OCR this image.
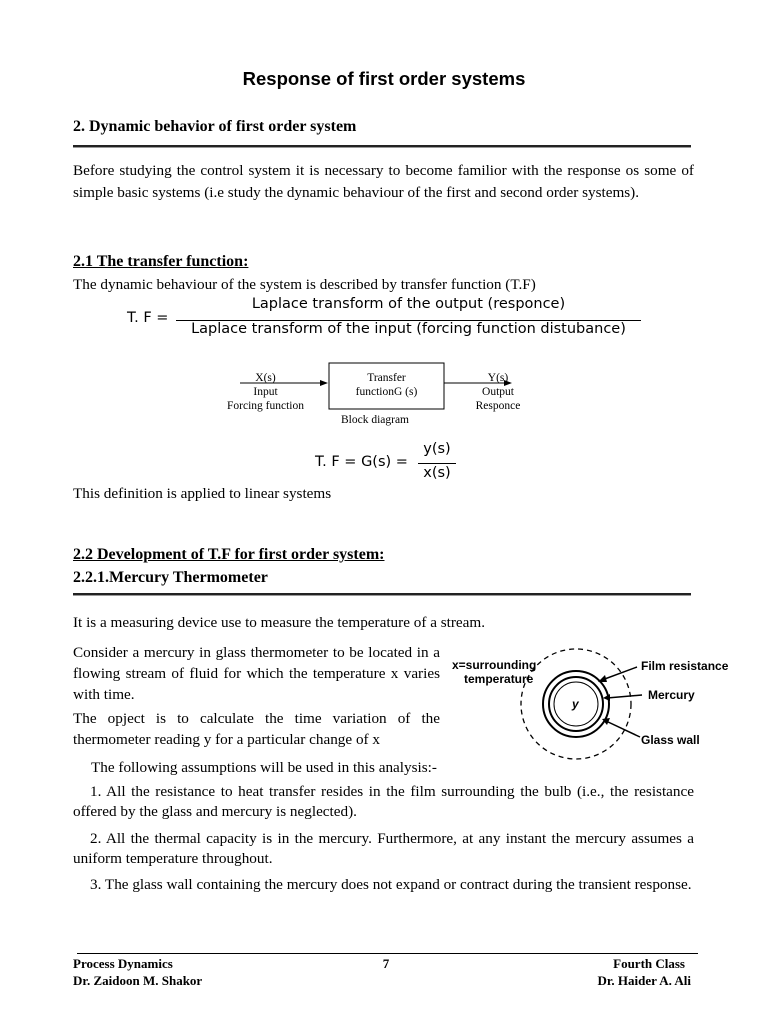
Response of first order systems
2. Dynamic behavior of first order system
Before studying the control system it is necessary to become familior with the response os some of simple basic systems (i.e study the dynamic behaviour of the first and second order systems).
2.1 The transfer function:
The dynamic behaviour of the system is described by transfer function (T.F)
T. F =
Laplace transform of the output (responce)
Laplace transform of the input (forcing function distubance)
X(s)
Input
Forcing function
Transfer
functionG (s)
Y(s)
Output
Responce
Block diagram
T. F = G(s) =
y(s)
x(s)
This definition is applied to linear systems
2.2 Development of T.F for first order system:
2.2.1.Mercury Thermometer
It is a measuring device use to measure the temperature of a stream.
Consider a mercury in glass thermometer to be located in a flowing stream of fluid for which the temperature x varies with time.
The opject is to calculate the time variation of the thermometer reading y for a particular change of x
x=surrounding
temperature
Film resistance
Mercury
Glass wall
y
The following assumptions will be used in this analysis:-
1. All the resistance to heat transfer resides in the film surrounding the bulb (i.e., the resistance offered by the glass and mercury is neglected).
2. All the thermal capacity is in the mercury. Furthermore, at any instant the mercury assumes a uniform temperature throughout.
3. The glass wall containing the mercury does not expand or contract during the transient response.
Process Dynamics
Dr. Zaidoon M. Shakor
7	Fourth Class
Dr. Haider A. Ali
